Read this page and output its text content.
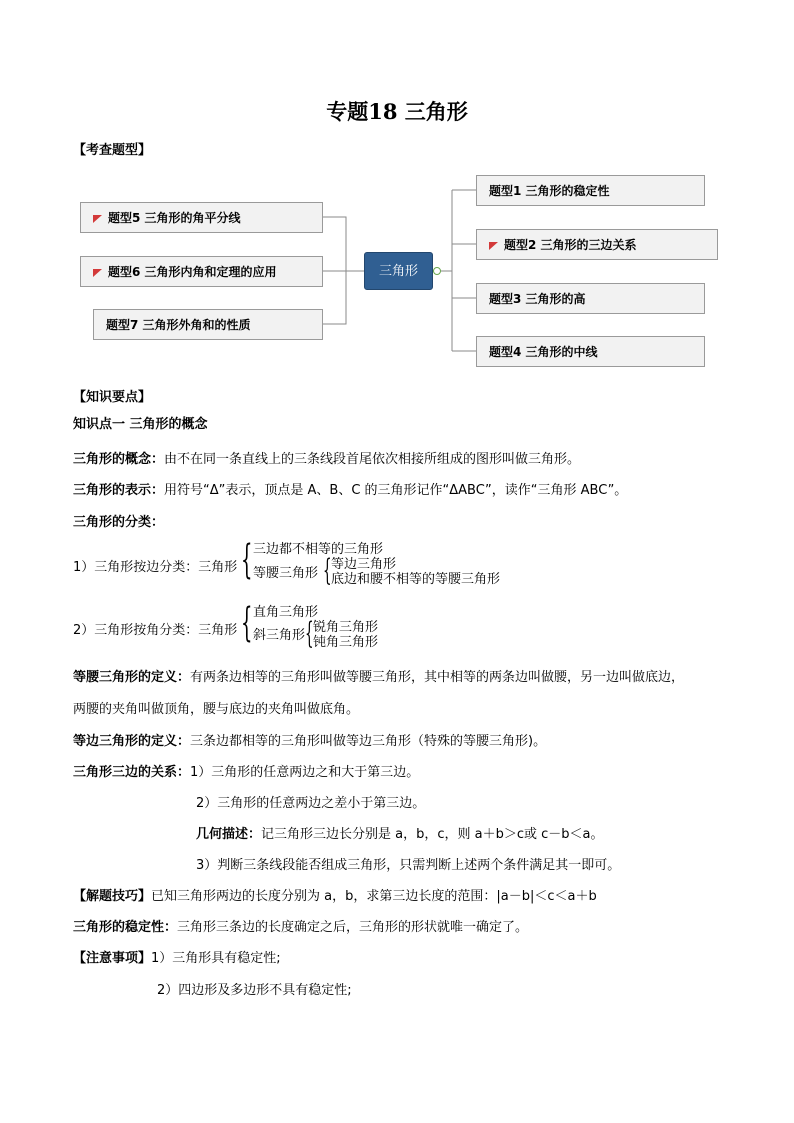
专题18 三角形
【考查题型】
题型5 三角形的角平分线
题型6 三角形内角和定理的应用
题型7 三角形外角和的性质
三角形
题型1 三角形的稳定性
题型2 三角形的三边关系
题型3 三角形的高
题型4 三角形的中线
【知识要点】
知识点一 三角形的概念
三角形的概念：由不在同一条直线上的三条线段首尾依次相接所组成的图形叫做三角形。
三角形的表示：用符号“Δ”表示，顶点是 A、B、C 的三角形记作“ΔABC”，读作“三角形 ABC”。
三角形的分类：
1）三角形按边分类：三角形 { 三边都不相等的三角形
等腰三角形 { 等边三角形
底边和腰不相等的等腰三角形
2）三角形按角分类：三角形 { 直角三角形
斜三角形 { 锐角三角形
钝角三角形
等腰三角形的定义：有两条边相等的三角形叫做等腰三角形，其中相等的两条边叫做腰，另一边叫做底边，
两腰的夹角叫做顶角，腰与底边的夹角叫做底角。
等边三角形的定义：三条边都相等的三角形叫做等边三角形（特殊的等腰三角形)。
三角形三边的关系：1）三角形的任意两边之和大于第三边。
2）三角形的任意两边之差小于第三边。
几何描述：记三角形三边长分别是 a，b，c，则 a＋b＞c或 c－b＜a。
3）判断三条线段能否组成三角形，只需判断上述两个条件满足其一即可。
【解题技巧】已知三角形两边的长度分别为 a，b，求第三边长度的范围：|a－b|＜c＜a＋b
三角形的稳定性：三角形三条边的长度确定之后，三角形的形状就唯一确定了。
【注意事项】1）三角形具有稳定性;
2）四边形及多边形不具有稳定性;
